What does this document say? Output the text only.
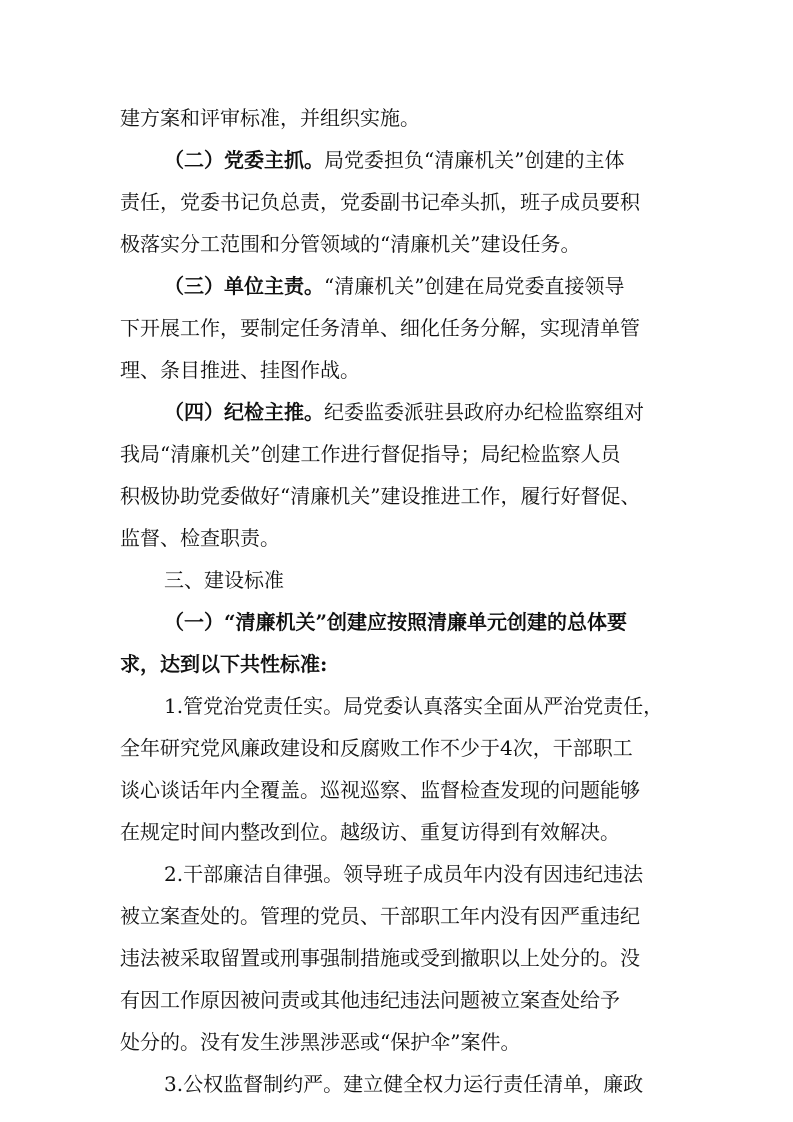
建方案和评审标准，并组织实施。
（二）党委主抓。局党委担负“清廉机关”创建的主体
责任，党委书记负总责，党委副书记牵头抓，班子成员要积
极落实分工范围和分管领域的“清廉机关”建设任务。
（三）单位主责。“清廉机关”创建在局党委直接领导
下开展工作，要制定任务清单、细化任务分解，实现清单管
理、条目推进、挂图作战。
（四）纪检主推。纪委监委派驻县政府办纪检监察组对
我局“清廉机关”创建工作进行督促指导；局纪检监察人员
积极协助党委做好“清廉机关”建设推进工作，履行好督促、
监督、检查职责。
三、建设标准
（一）“清廉机关”创建应按照清廉单元创建的总体要
求，达到以下共性标准:
1.管党治党责任实。局党委认真落实全面从严治党责任，
全年研究党风廉政建设和反腐败工作不少于4次，干部职工
谈心谈话年内全覆盖。巡视巡察、监督检查发现的问题能够
在规定时间内整改到位。越级访、重复访得到有效解决。
2.干部廉洁自律强。领导班子成员年内没有因违纪违法
被立案查处的。管理的党员、干部职工年内没有因严重违纪
违法被采取留置或刑事强制措施或受到撤职以上处分的。没
有因工作原因被问责或其他违纪违法问题被立案查处给予
处分的。没有发生涉黑涉恶或“保护伞”案件。
3.公权监督制约严。建立健全权力运行责任清单，廉政
